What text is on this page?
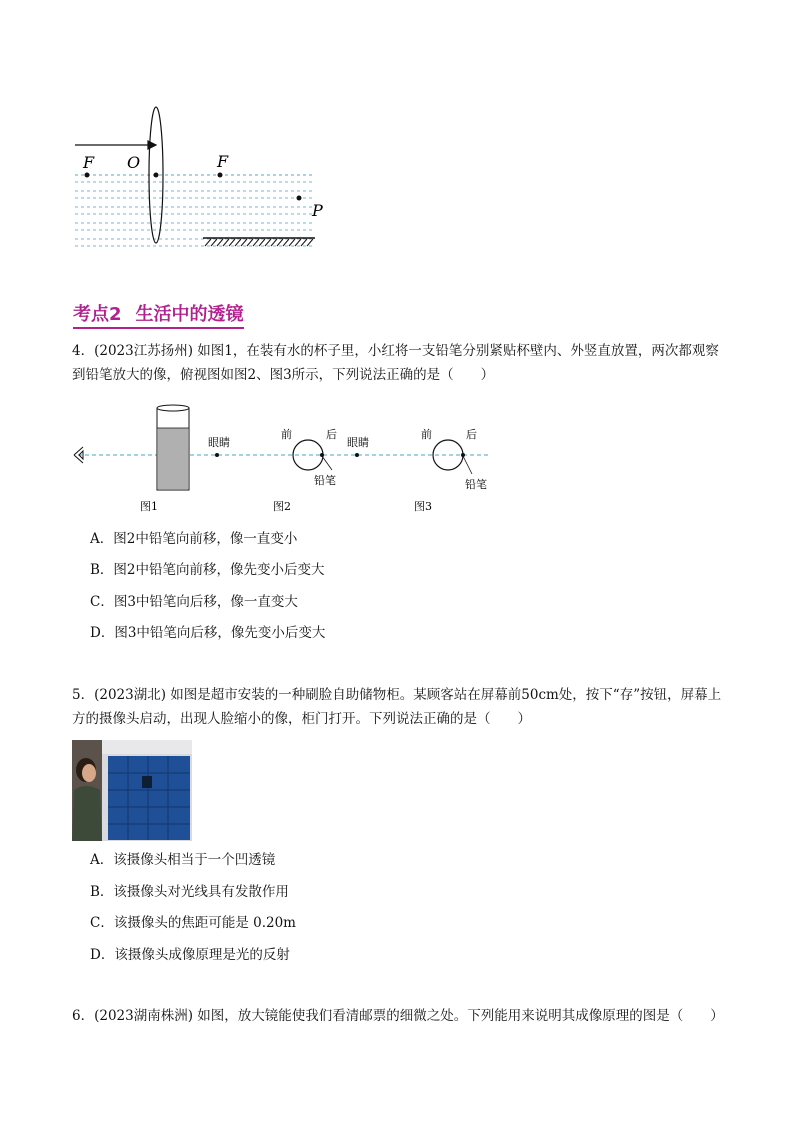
F O	F
P
考点2 生活中的透镜
4．(2023江苏扬州) 如图1，在装有水的杯子里，小红将一支铅笔分别紧贴杯壁内、外竖直放置，两次都观察到铅笔放大的像，俯视图如图2、图3所示，下列说法正确的是（　　）
眼睛
前	后
铅笔
眼睛
前	后
铅笔
图1	图2	图3
A．图2中铅笔向前移，像一直变小
B．图2中铅笔向前移，像先变小后变大
C．图3中铅笔向后移，像一直变大
D．图3中铅笔向后移，像先变小后变大
5．(2023湖北) 如图是超市安装的一种刷脸自助储物柜。某顾客站在屏幕前50cm处，按下“存”按钮，屏幕上方的摄像头启动，出现人脸缩小的像，柜门打开。下列说法正确的是（　　）
A．该摄像头相当于一个凹透镜
B．该摄像头对光线具有发散作用
C．该摄像头的焦距可能是 0.20m
D．该摄像头成像原理是光的反射
6．(2023湖南株洲) 如图，放大镜能使我们看清邮票的细微之处。下列能用来说明其成像原理的图是（　　）
